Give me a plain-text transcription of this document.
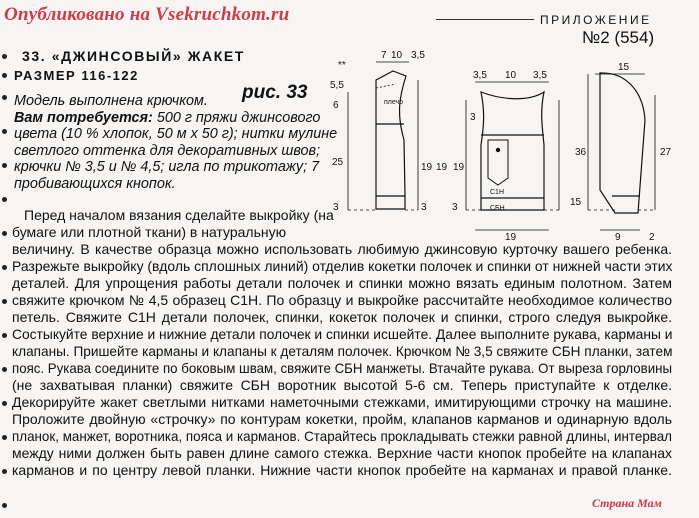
Опубликовано на Vsekruchkom.ru	ПРИЛОЖЕНИЕ
№2 (554)
33. «ДЖИНСОВЫЙ» ЖАКЕТ
РАЗМЕР 116-122
рис. 33
Модель выполнена крючком.
Вам потребуется: 500 г пряжи джинсового
цвета (10 % хлопок, 50 м х 50 г); нитки мулине
светлого оттенка для декоративных швов;
крючки № 3,5 и № 4,5; игла по трикотажу; 7
пробивающихся кнопок.
Перед началом вязания сделайте выкройку (на
бумаге или плотной ткани) в натуральную
величину. В качестве образца можно использовать любимую джинсовую курточку вашего ребенка.
Разрежьте выкройку (вдоль сплошных линий) отделив кокетки полочек и спинки от нижней части этих
деталей. Для упрощения работы детали полочек и спинки можно вязать единым полотном. Затем
свяжите крючком № 4,5 образец С1Н. По образцу и выкройке рассчитайте необходимое количество
петель. Свяжите С1Н детали полочек, спинки, кокеток полочек и спинки, строго следуя выкройке.
Состыкуйте верхние и нижние детали полочек и спинки исшейте. Далее выполните рукава, карманы и
клапаны. Пришейте карманы и клапаны к деталям полочек. Крючком № 3,5 свяжите СБН планки, затем
пояс. Рукава соедините по боковым швам, свяжите СБН манжеты. Втачайте рукава. От выреза горловины
(не захватывая планки) свяжите СБН воротник высотой 5-6 см. Теперь приступайте к отделке.
Декорируйте жакет светлыми нитками наметочными стежками, имитирующими строчку на машине.
Проложите двойную «строчку» по контурам кокетки, пройм, клапанов карманов и одинарную вдоль
планок, манжет, воротника, пояса и карманов. Старайтесь прокладывать стежки равной длины, интервал
между ними должен быть равен длине самого стежка. Верхние части кнопок пробейте на клапанах
карманов и по центру левой планки. Нижние части кнопок пробейте на карманах и правой планке.
**
7 10 3,5
5,5
6
25	19
3	3
плечо
3,5 10 3,5
3
19 19
3
19
С1Н
СБН
15
36	27
15
9	2
Страна Мам
